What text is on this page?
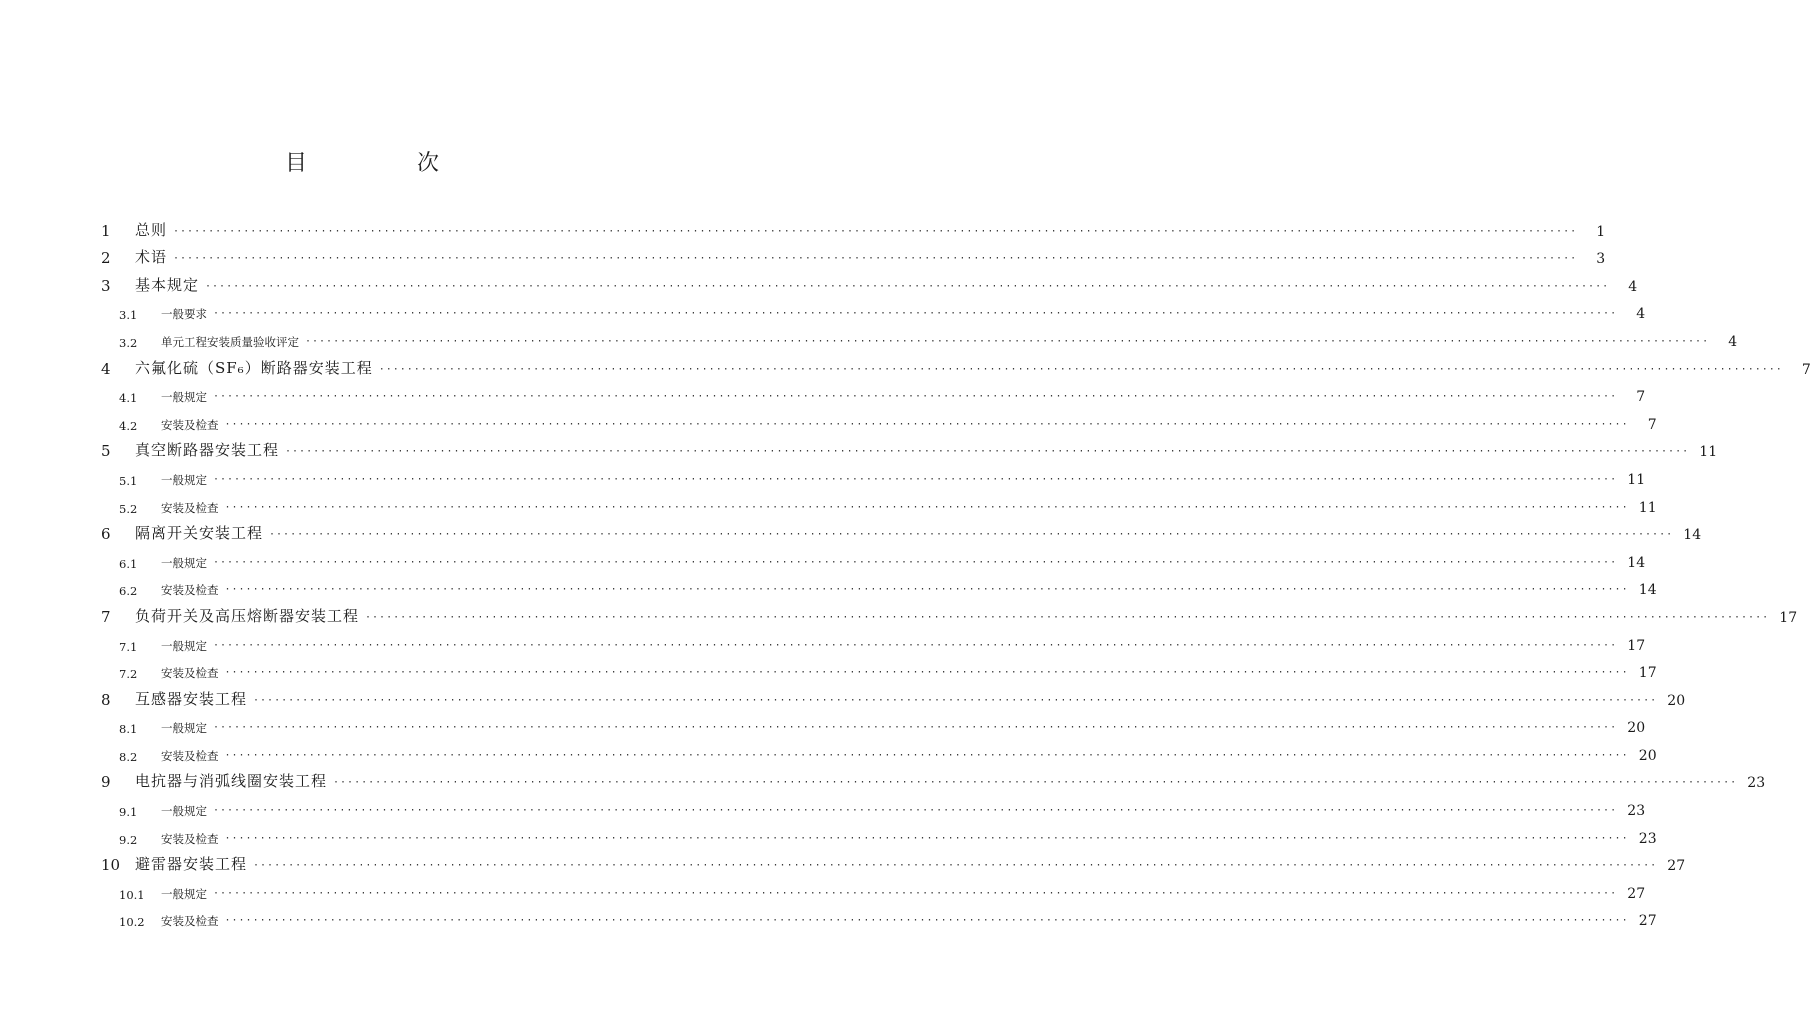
目　次
1	总则 ········································································································································································································	1
2	术语 ········································································································································································································	3
3	基本规定 ········································································································································································································	4
3.1	一般要求 ········································································································································································································	4
3.2	单元工程安装质量验收评定 ········································································································································································································	4
4	六氟化硫（SF₆）断路器安装工程 ········································································································································································································	7
4.1	一般规定 ········································································································································································································	7
4.2	安装及检查 ········································································································································································································	7
5	真空断路器安装工程 ········································································································································································································ 11
5.1	一般规定 ········································································································································································································ 11
5.2	安装及检查 ········································································································································································································ 11
6	隔离开关安装工程 ········································································································································································································ 14
6.1	一般规定 ········································································································································································································ 14
6.2	安装及检查 ········································································································································································································ 14
7	负荷开关及高压熔断器安装工程 ········································································································································································································ 17
7.1	一般规定 ········································································································································································································ 17
7.2	安装及检查 ········································································································································································································ 17
8	互感器安装工程 ········································································································································································································ 20
8.1	一般规定 ········································································································································································································ 20
8.2	安装及检查 ········································································································································································································ 20
9	电抗器与消弧线圈安装工程 ········································································································································································································ 23
9.1	一般规定 ········································································································································································································ 23
9.2	安装及检查 ········································································································································································································ 23
10 避雷器安装工程 ········································································································································································································ 27
10.1	一般规定 ········································································································································································································ 27
10.2	安装及检查 ········································································································································································································ 27
